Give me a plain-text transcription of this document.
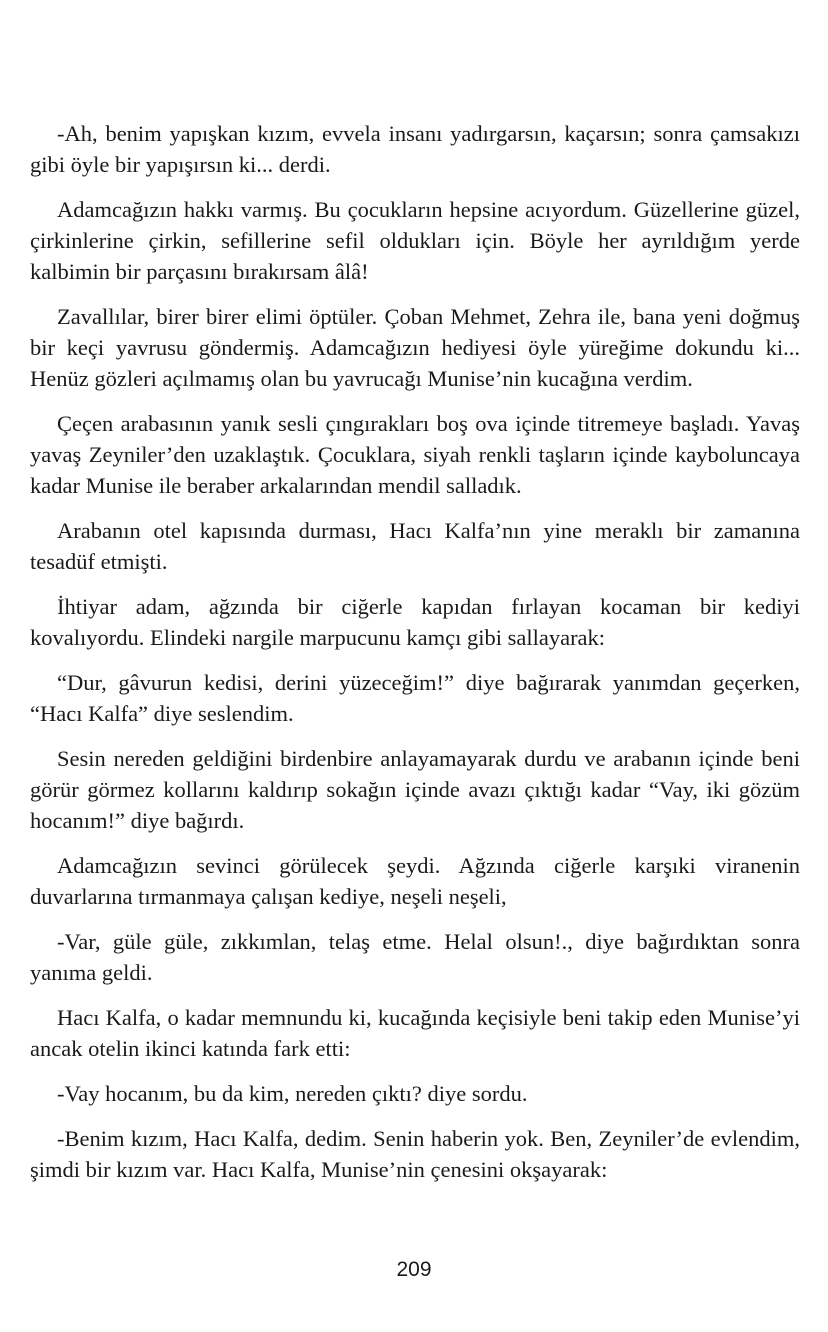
-Ah, benim yapışkan kızım, evvela insanı yadırgarsın, kaçarsın; sonra çamsakızı gibi öyle bir yapışırsın ki... derdi.

Adamcağızın hakkı varmış. Bu çocukların hepsine acıyordum. Güzellerine güzel, çirkinlerine çirkin, sefillerine sefil oldukları için. Böyle her ayrıldığım yerde kalbimin bir parçasını bırakırsam âlâ!

Zavallılar, birer birer elimi öptüler. Çoban Mehmet, Zehra ile, bana yeni doğmuş bir keçi yavrusu göndermiş. Adamcağızın hediyesi öyle yüreğime dokundu ki... Henüz gözleri açılmamış olan bu yavrucağı Munise’nin kucağına verdim.

Çeçen arabasının yanık sesli çıngırakları boş ova içinde titremeye başladı. Yavaş yavaş Zeyniler’den uzaklaştık. Çocuklara, siyah renkli taşların içinde kayboluncaya kadar Munise ile beraber arkalarından mendil salladık.

Arabanın otel kapısında durması, Hacı Kalfa’nın yine meraklı bir zamanına tesadüf etmişti.

İhtiyar adam, ağzında bir ciğerle kapıdan fırlayan kocaman bir kediyi kovalıyordu. Elindeki nargile marpucunu kamçı gibi sallayarak:

“Dur, gâvurun kedisi, derini yüzeceğim!” diye bağırarak yanımdan geçerken, “Hacı Kalfa” diye seslendim.

Sesin nereden geldiğini birdenbire anlayamayarak durdu ve arabanın içinde beni görür görmez kollarını kaldırıp sokağın içinde avazı çıktığı kadar “Vay, iki gözüm hocanım!” diye bağırdı.

Adamcağızın sevinci görülecek şeydi. Ağzında ciğerle karşıki viranenin duvarlarına tırmanmaya çalışan kediye, neşeli neşeli,

-Var, güle güle, zıkkımlan, telaş etme. Helal olsun!., diye bağırdıktan sonra yanıma geldi.

Hacı Kalfa, o kadar memnundu ki, kucağında keçisiyle beni takip eden Munise’yi ancak otelin ikinci katında fark etti:

-Vay hocanım, bu da kim, nereden çıktı? diye sordu.

-Benim kızım, Hacı Kalfa, dedim. Senin haberin yok. Ben, Zeyniler’de evlendim, şimdi bir kızım var. Hacı Kalfa, Munise’nin çenesini okşayarak:

209
